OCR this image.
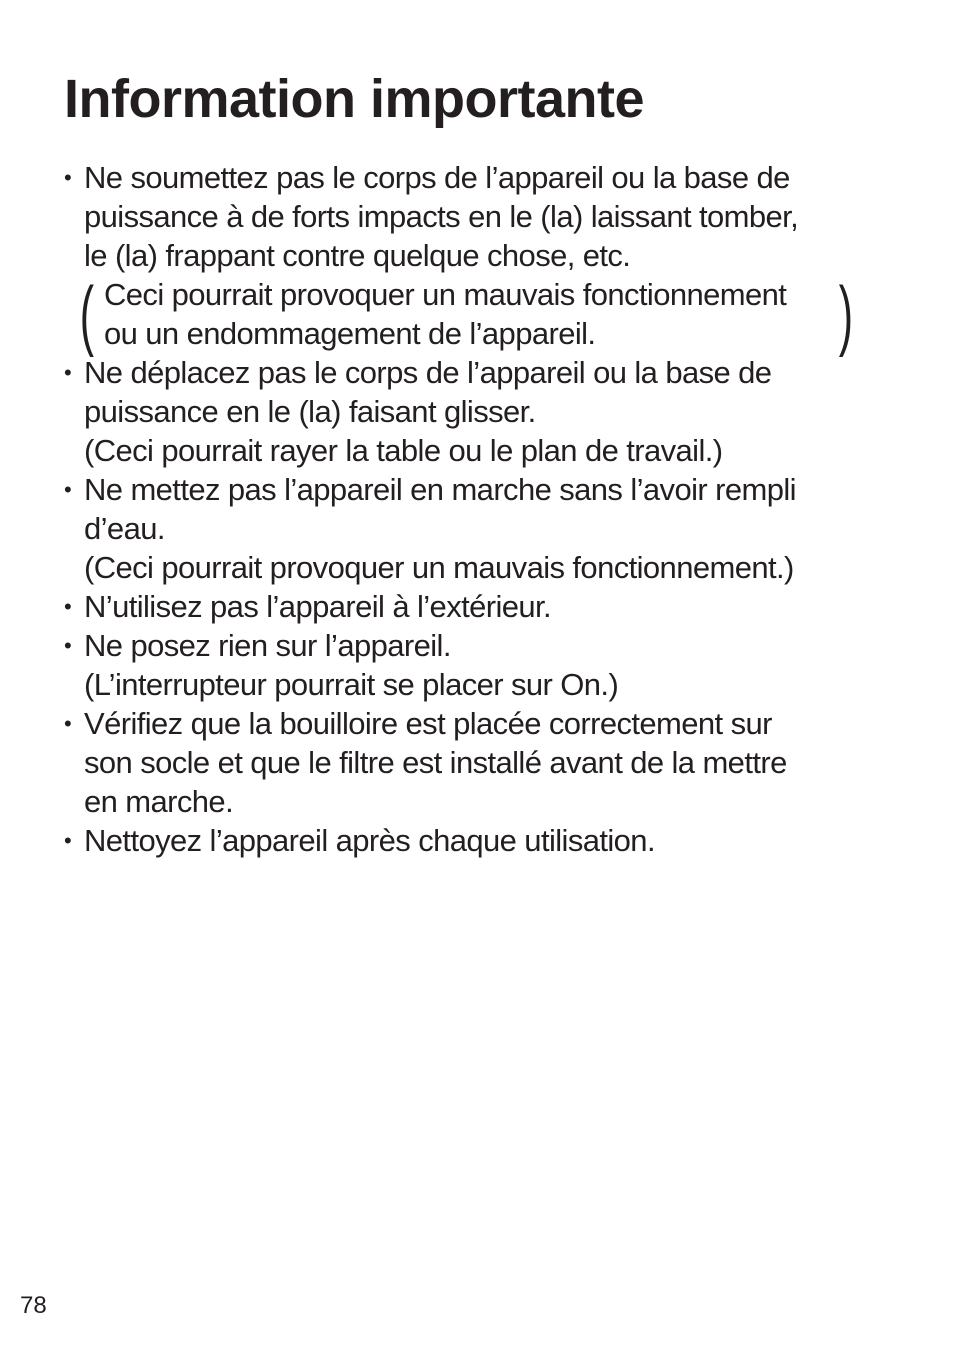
Information importante
• Ne soumettez pas le corps de l’appareil ou la base de
puissance à de forts impacts en le (la) laissant tomber,
le (la) frappant contre quelque chose, etc.
( Ceci pourrait provoquer un mauvais fonctionnement
ou un endommagement de l’appareil.	)
• Ne déplacez pas le corps de l’appareil ou la base de
puissance en le (la) faisant glisser.
(Ceci pourrait rayer la table ou le plan de travail.)
• Ne mettez pas l’appareil en marche sans l’avoir rempli
d’eau.
(Ceci pourrait provoquer un mauvais fonctionnement.)
• N’utilisez pas l’appareil à l’extérieur.
• Ne posez rien sur l’appareil.
(L’interrupteur pourrait se placer sur On.)
• Vérifiez que la bouilloire est placée correctement sur
son socle et que le filtre est installé avant de la mettre
en marche.
• Nettoyez l’appareil après chaque utilisation.
78
